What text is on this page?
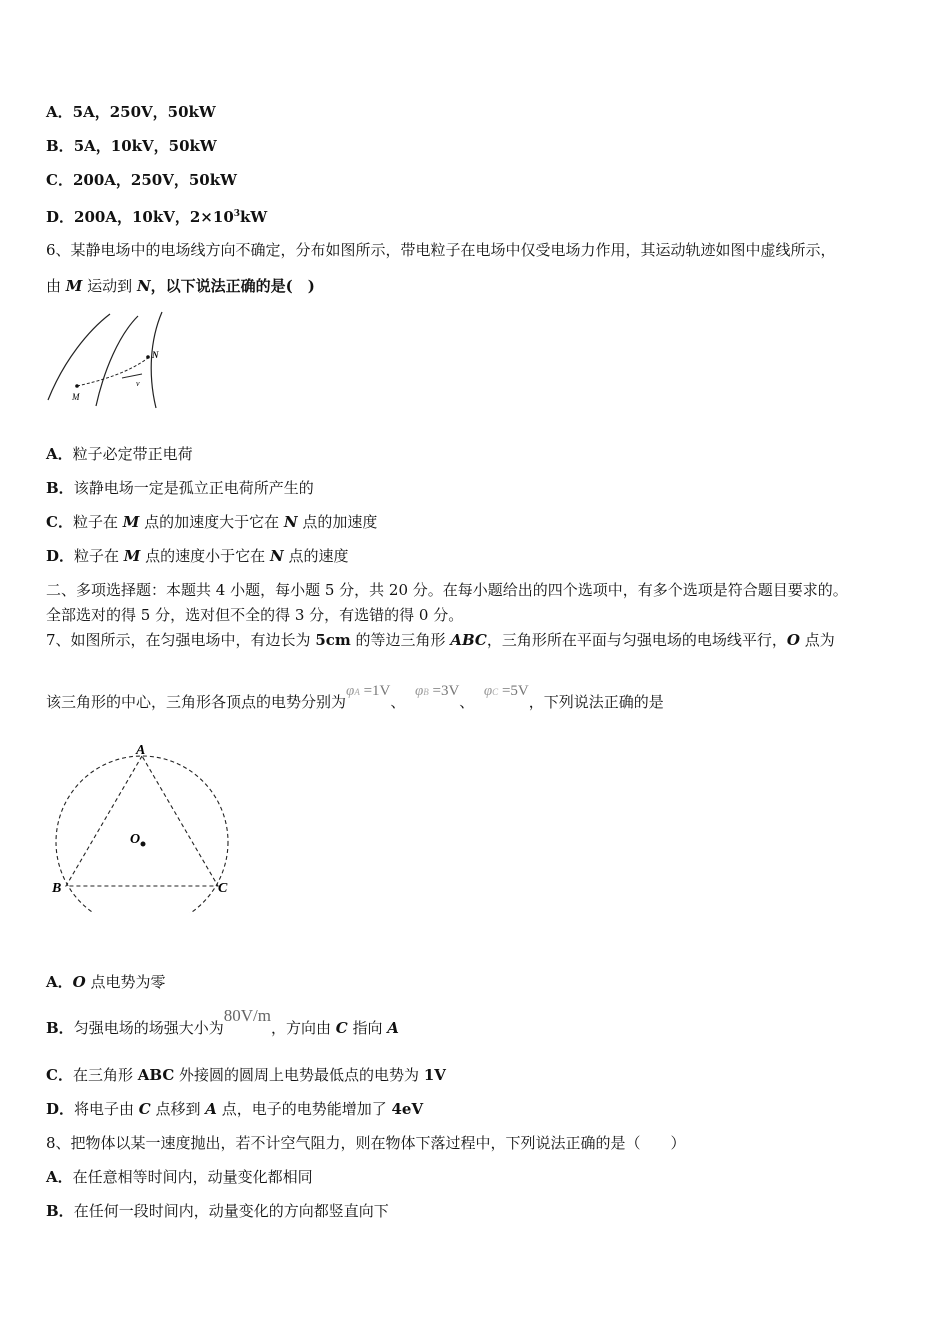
A．5A，250V，50kW
B．5A，10kV，50kW
C．200A，250V，50kW
D．200A，10kV，$2\times 10^3kW$
6、某静电场中的电场线方向不确定，分布如图所示，带电粒子在电场中仅受电场力作用，其运动轨迹如图中虚线所示，
由 M 运动到 N，以下说法正确的是(　)
M
N
v
A．粒子必定带正电荷
B．该静电场一定是孤立正电荷所产生的
C．粒子在 M 点的加速度大于它在 N 点的加速度
D．粒子在 M 点的速度小于它在 N 点的速度
二、多项选择题：本题共 4 小题，每小题 5 分，共 20 分。在每小题给出的四个选项中，有多个选项是符合题目要求的。
全部选对的得 5 分，选对但不全的得 3 分，有选错的得 0 分。
7、如图所示，在匀强电场中，有边长为 5cm 的等边三角形 ABC，三角形所在平面与匀强电场的电场线平行，O 点为
该三角形的中心，三角形各顶点的电势分别为φA =1V、  φB =3V、  φC =5V，下列说法正确的是
A
B	C
O
A．O 点电势为零
B．匀强电场的场强大小为80V/m，方向由 C 指向 A
C．在三角形 ABC 外接圆的圆周上电势最低点的电势为 1V
D．将电子由 C 点移到 A 点，电子的电势能增加了 4eV
8、把物体以某一速度抛出，若不计空气阻力，则在物体下落过程中，下列说法正确的是（　　）
A．在任意相等时间内，动量变化都相同
B．在任何一段时间内，动量变化的方向都竖直向下
